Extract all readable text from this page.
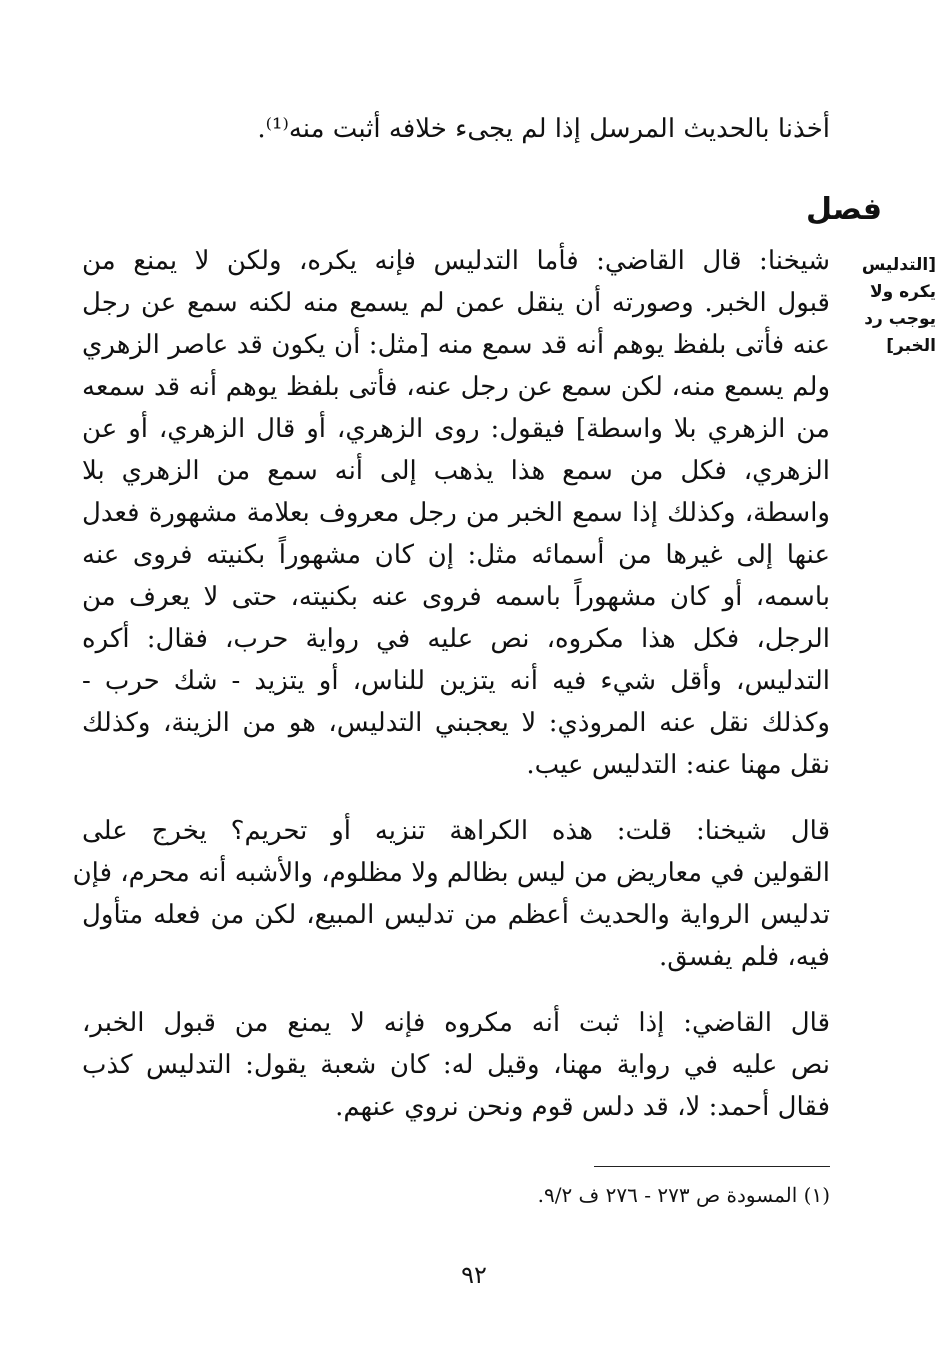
أخذنا بالحديث المرسل إذا لم يجىء خلافه أثبت منه⁽¹⁾.
شيخنا: قال القاضي: فأما التدليس فإنه يكره، ولكن لا يمنع من
قبول الخبر. وصورته أن ينقل عمن لم يسمع منه لكنه سمع عن رجل
عنه فأتى بلفظ يوهم أنه قد سمع منه [مثل: أن يكون قد عاصر الزهري
ولم يسمع منه، لكن سمع عن رجل عنه، فأتى بلفظ يوهم أنه قد سمعه
من الزهري بلا واسطة] فيقول: روى الزهري، أو قال الزهري، أو عن
الزهري، فكل من سمع هذا يذهب إلى أنه سمع من الزهري بلا
واسطة، وكذلك إذا سمع الخبر من رجل معروف بعلامة مشهورة فعدل
عنها إلى غيرها من أسمائه مثل: إن كان مشهوراً بكنيته فروى عنه
باسمه، أو كان مشهوراً باسمه فروى عنه بكنيته، حتى لا يعرف من
الرجل، فكل هذا مكروه، نص عليه في رواية حرب، فقال: أكره
التدليس، وأقل شيء فيه أنه يتزين للناس، أو يتزيد - شك حرب -
وكذلك نقل عنه المروذي: لا يعجبني التدليس، هو من الزينة، وكذلك
نقل مهنا عنه: التدليس عيب.
قال شيخنا: قلت: هذه الكراهة تنزيه أو تحريم؟ يخرج على
القولين في معاريض من ليس بظالم ولا مظلوم، والأشبه أنه محرم، فإن
تدليس الرواية والحديث أعظم من تدليس المبيع، لكن من فعله متأول
فيه، فلم يفسق.
قال القاضي: إذا ثبت أنه مكروه فإنه لا يمنع من قبول الخبر،
نص عليه في رواية مهنا، وقيل له: كان شعبة يقول: التدليس كذب
فقال أحمد: لا، قد دلس قوم ونحن نروي عنهم.
فصل
[التدليس
يكره ولا
يوجب رد
الخبر]
(١) المسودة ص ٢٧٣ - ٢٧٦ ف ٩/٢.
٩٢
